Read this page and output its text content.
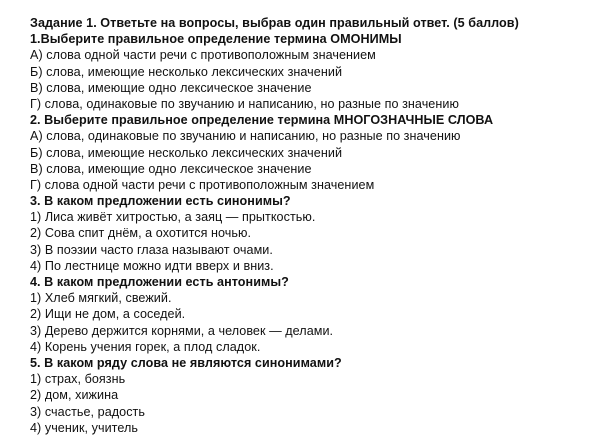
Задание 1. Ответьте на вопросы, выбрав один правильный ответ. (5 баллов)
1.Выберите правильное определение термина ОМОНИМЫ
А) слова одной части речи с противоположным значением
Б) слова, имеющие несколько лексических значений
В) слова, имеющие одно лексическое значение
Г) слова, одинаковые по звучанию и написанию, но разные по значению
2. Выберите правильное определение термина МНОГОЗНАЧНЫЕ СЛОВА
А) слова, одинаковые по звучанию и написанию, но разные по значению
Б) слова, имеющие несколько лексических значений
В) слова, имеющие одно лексическое значение
Г) слова одной части речи с противоположным значением
3. В каком предложении есть синонимы?
1) Лиса живёт хитростью, а заяц — прыткостью.
2) Сова спит днём, а охотится ночью.
3) В поэзии часто глаза называют очами.
4) По лестнице можно идти вверх и вниз.
4. В каком предложении есть антонимы?
1) Хлеб мягкий, свежий.
2) Ищи не дом, а соседей.
3) Дерево держится корнями, а человек — делами.
4) Корень учения горек, а плод сладок.
5. В каком ряду слова не являются синонимами?
1) страх, боязнь
2) дом, хижина
3) счастье, радость
4) ученик, учитель
